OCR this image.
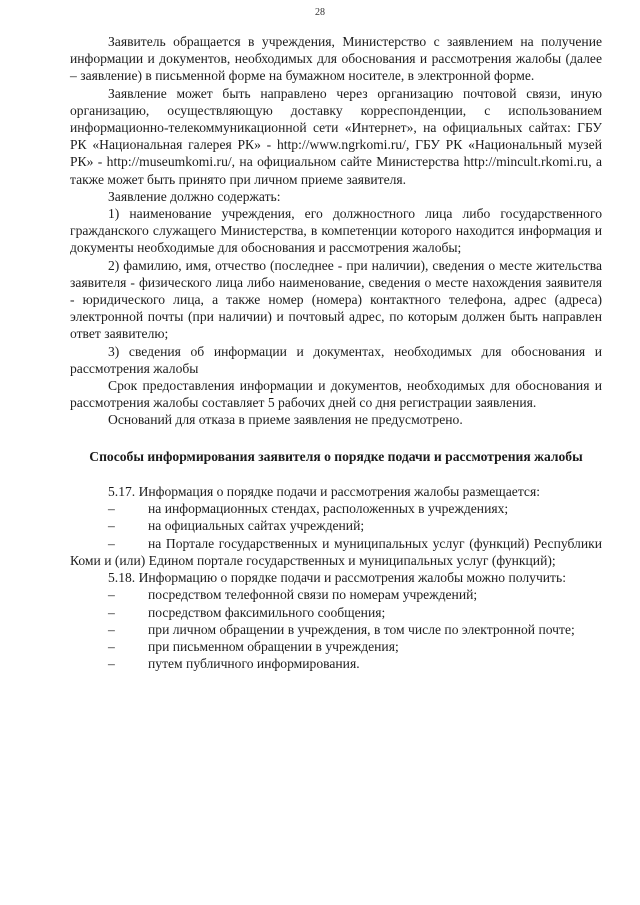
28

Заявитель обращается в учреждения, Министерство с заявлением на получение информации и документов, необходимых для обоснования и рассмотрения жалобы (далее – заявление) в письменной форме на бумажном носителе, в электронной форме.

Заявление может быть направлено через организацию почтовой связи, иную организацию, осуществляющую доставку корреспонденции, с использованием информационно-телекоммуникационной сети «Интернет», на официальных сайтах: ГБУ РК «Национальная галерея РК» - http://www.ngrkomi.ru/, ГБУ РК «Национальный музей РК» - http://museumkomi.ru/, на официальном сайте Министерства http://mincult.rkomi.ru, а также может быть принято при личном приеме заявителя.

Заявление должно содержать:

1) наименование учреждения, его должностного лица либо государственного гражданского служащего Министерства, в компетенции которого находится информация и документы необходимые для обоснования и рассмотрения жалобы;

2) фамилию, имя, отчество (последнее - при наличии), сведения о месте жительства заявителя - физического лица либо наименование, сведения о месте нахождения заявителя - юридического лица, а также номер (номера) контактного телефона, адрес (адреса) электронной почты (при наличии) и почтовый адрес, по которым должен быть направлен ответ заявителю;

3) сведения об информации и документах, необходимых для обоснования и рассмотрения жалобы

Срок предоставления информации и документов, необходимых для обоснования и рассмотрения жалобы составляет 5 рабочих дней со дня регистрации заявления.

Оснований для отказа в приеме заявления не предусмотрено.

Способы информирования заявителя о порядке подачи и рассмотрения жалобы

5.17. Информация о порядке подачи и рассмотрения жалобы размещается:

–	на информационных стендах, расположенных в учреждениях;
–	на официальных сайтах учреждений;
– на Портале государственных и муниципальных услуг (функций) Республики Коми и (или) Едином портале государственных и муниципальных услуг (функций);

5.18. Информацию о порядке подачи и рассмотрения жалобы можно получить:

–	посредством телефонной связи по номерам учреждений;
–	посредством факсимильного сообщения;
– при личном обращении в учреждения, в том числе по электронной почте;
–	при письменном обращении в учреждения;
–	путем публичного информирования.
